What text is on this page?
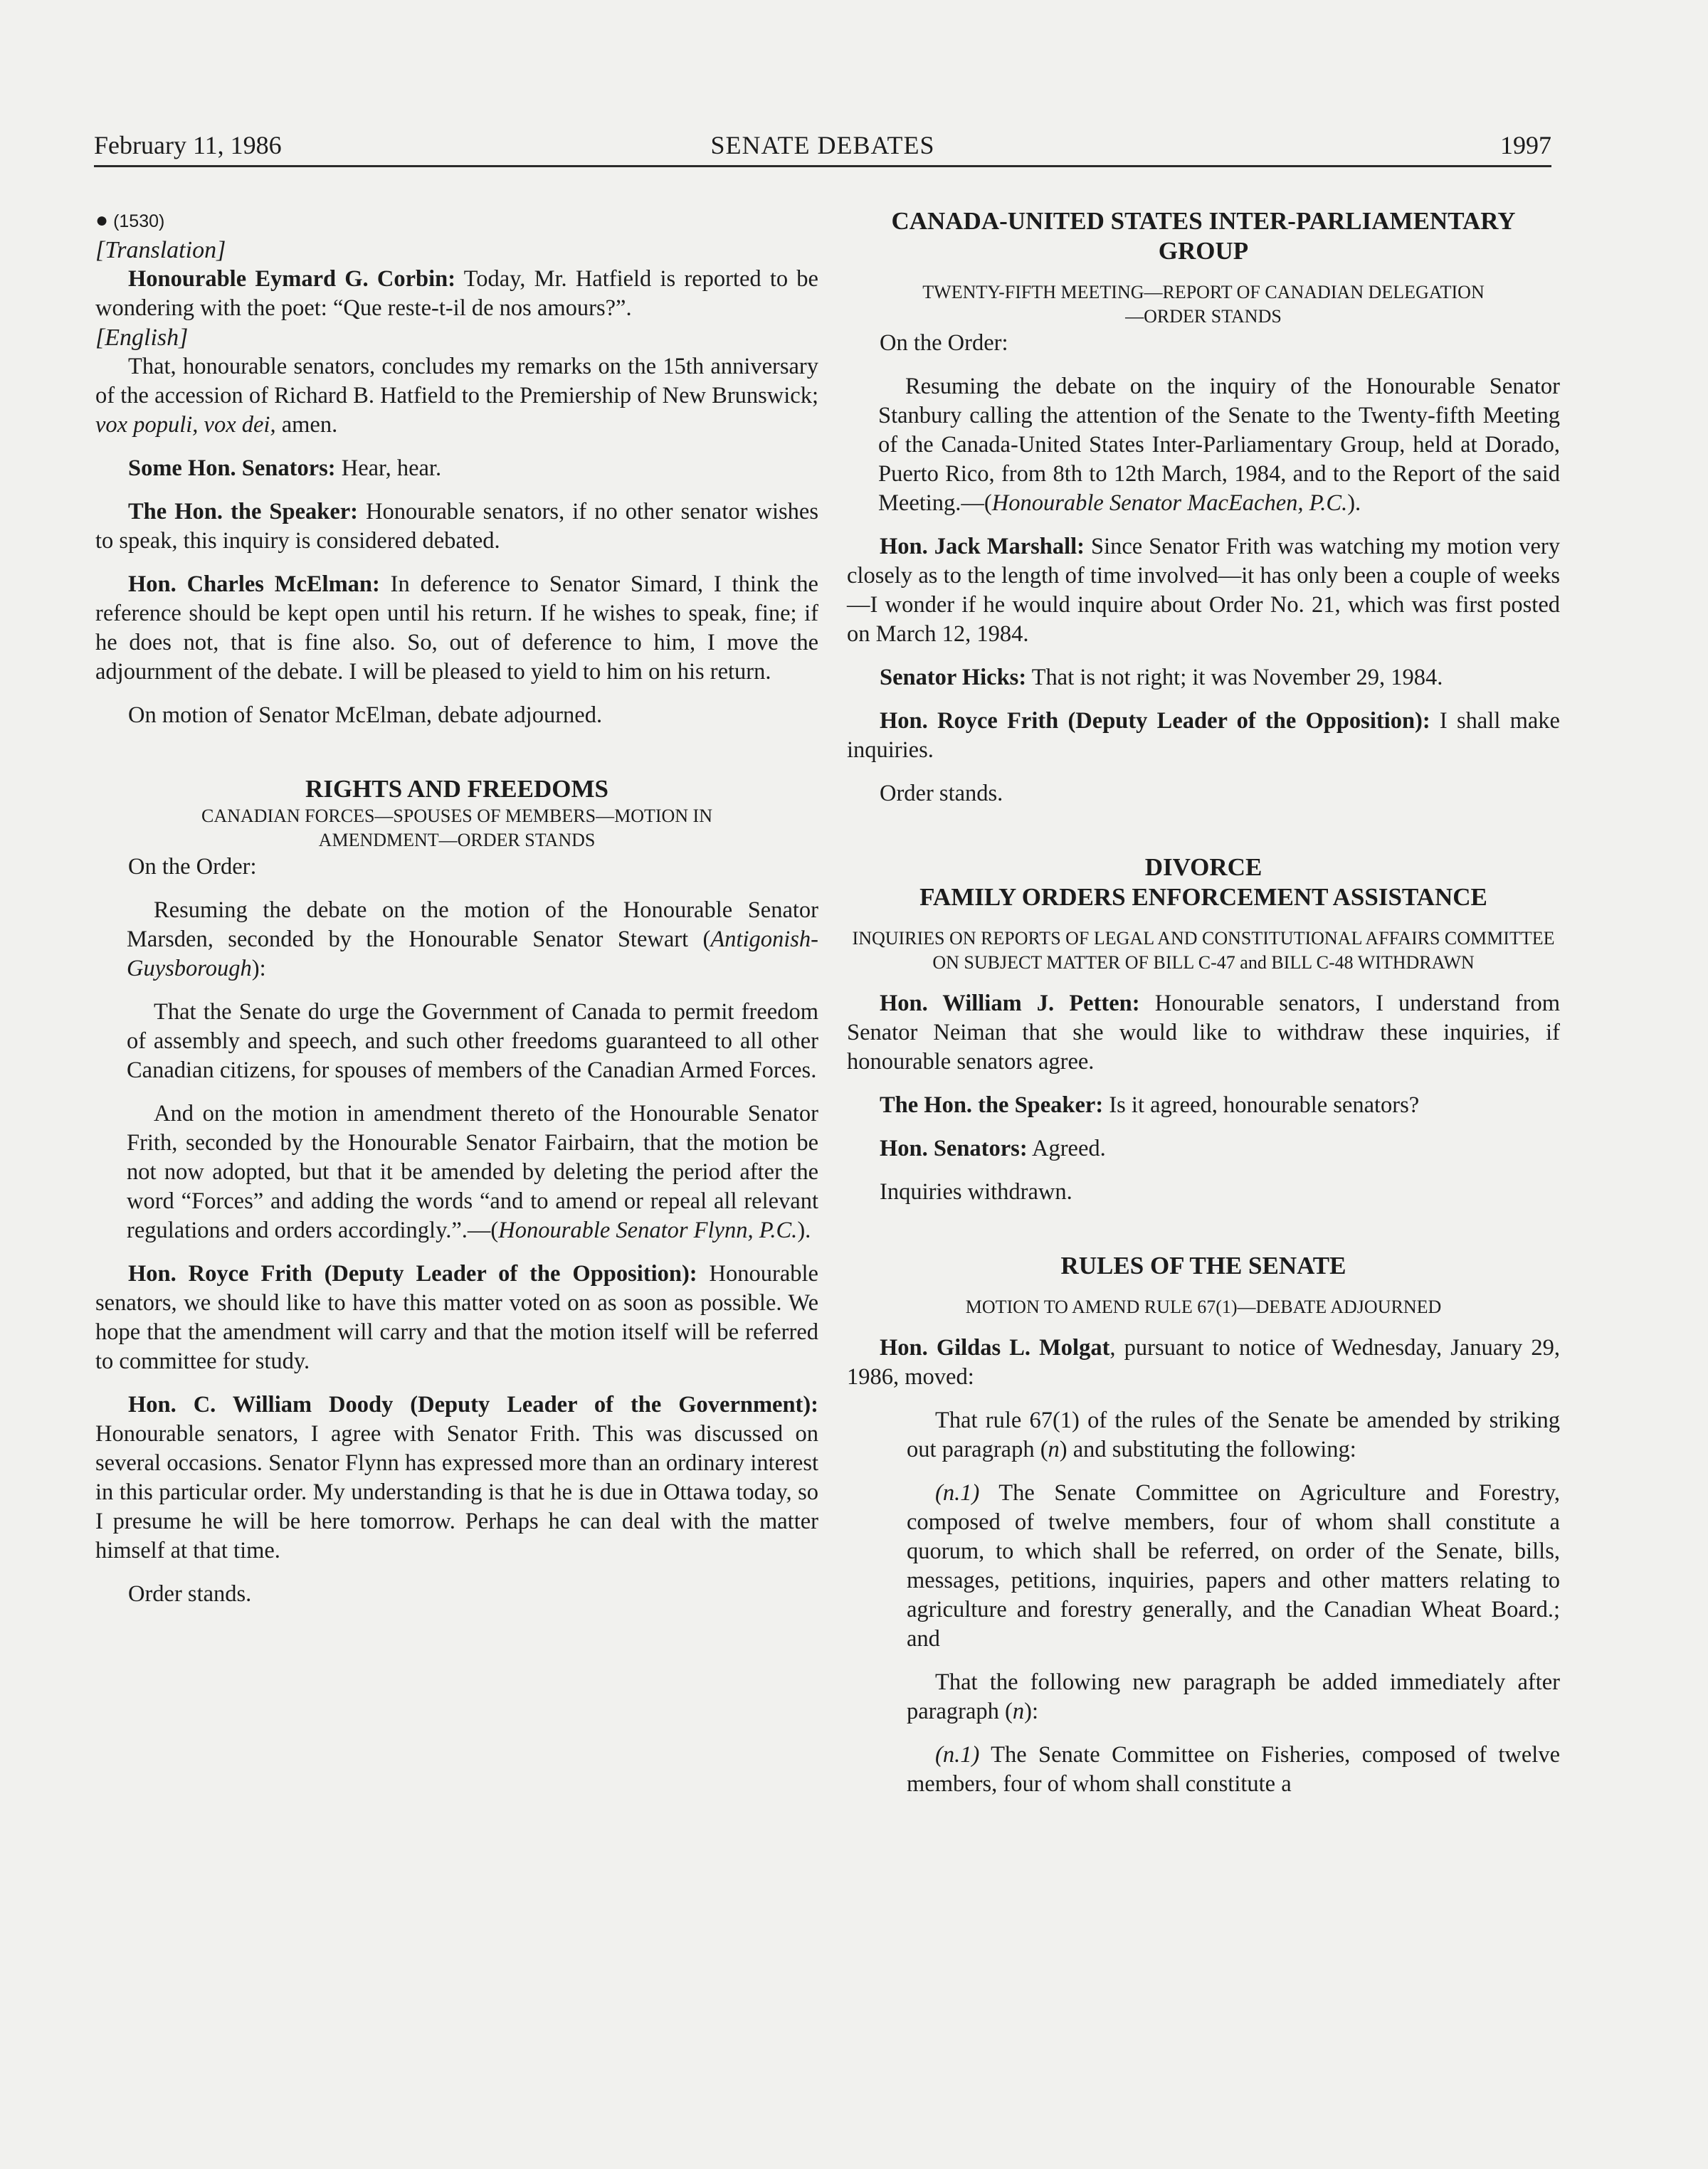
February 11, 1986	SENATE DEBATES	1997

● (1530)

[Translation]

Honourable Eymard G. Corbin: Today, Mr. Hatfield is reported to be wondering with the poet: “Que reste-t-il de nos amours?”.

[English]

That, honourable senators, concludes my remarks on the 15th anniversary of the accession of Richard B. Hatfield to the Premiership of New Brunswick; vox populi, vox dei, amen.

Some Hon. Senators: Hear, hear.

The Hon. the Speaker: Honourable senators, if no other senator wishes to speak, this inquiry is considered debated.

Hon. Charles McElman: In deference to Senator Simard, I think the reference should be kept open until his return. If he wishes to speak, fine; if he does not, that is fine also. So, out of deference to him, I move the adjournment of the debate. I will be pleased to yield to him on his return.

On motion of Senator McElman, debate adjourned.

RIGHTS AND FREEDOMS

CANADIAN FORCES—SPOUSES OF MEMBERS—MOTION IN AMENDMENT—ORDER STANDS

On the Order:

Resuming the debate on the motion of the Honourable Senator Marsden, seconded by the Honourable Senator Stewart (Antigonish- Guysborough):

That the Senate do urge the Government of Canada to permit freedom of assembly and speech, and such other freedoms guaranteed to all other Canadian citizens, for spouses of members of the Canadian Armed Forces.

And on the motion in amendment thereto of the Honourable Senator Frith, seconded by the Honourable Senator Fairbairn, that the motion be not now adopted, but that it be amended by deleting the period after the word “Forces” and adding the words “and to amend or repeal all relevant regulations and orders accordingly.”.—(Honourable Senator Flynn, P.C.).

Hon. Royce Frith (Deputy Leader of the Opposition): Honourable senators, we should like to have this matter voted on as soon as possible. We hope that the amendment will carry and that the motion itself will be referred to committee for study.

Hon. C. William Doody (Deputy Leader of the Government): Honourable senators, I agree with Senator Frith. This was discussed on several occasions. Senator Flynn has expressed more than an ordinary interest in this particular order. My understanding is that he is due in Ottawa today, so I presume he will be here tomorrow. Perhaps he can deal with the matter himself at that time.

Order stands.

CANADA-UNITED STATES INTER-PARLIAMENTARY GROUP

TWENTY-FIFTH MEETING—REPORT OF CANADIAN DELEGATION—ORDER STANDS

On the Order:

Resuming the debate on the inquiry of the Honourable Senator Stanbury calling the attention of the Senate to the Twenty-fifth Meeting of the Canada-United States Inter-Parliamentary Group, held at Dorado, Puerto Rico, from 8th to 12th March, 1984, and to the Report of the said Meeting.—(Honourable Senator MacEachen, P.C.).

Hon. Jack Marshall: Since Senator Frith was watching my motion very closely as to the length of time involved—it has only been a couple of weeks—I wonder if he would inquire about Order No. 21, which was first posted on March 12, 1984.

Senator Hicks: That is not right; it was November 29, 1984.

Hon. Royce Frith (Deputy Leader of the Opposition): I shall make inquiries.

Order stands.

DIVORCE

FAMILY ORDERS ENFORCEMENT ASSISTANCE

INQUIRIES ON REPORTS OF LEGAL AND CONSTITUTIONAL AFFAIRS COMMITTEE ON SUBJECT MATTER OF BILL C-47 and BILL C-48 WITHDRAWN

Hon. William J. Petten: Honourable senators, I understand from Senator Neiman that she would like to withdraw these inquiries, if honourable senators agree.

The Hon. the Speaker: Is it agreed, honourable senators?

Hon. Senators: Agreed.

Inquiries withdrawn.

RULES OF THE SENATE

MOTION TO AMEND RULE 67(1)—DEBATE ADJOURNED

Hon. Gildas L. Molgat, pursuant to notice of Wednesday, January 29, 1986, moved:

That rule 67(1) of the rules of the Senate be amended by striking out paragraph (n) and substituting the following:

(n.1) The Senate Committee on Agriculture and Forestry, composed of twelve members, four of whom shall constitute a quorum, to which shall be referred, on order of the Senate, bills, messages, petitions, inquiries, papers and other matters relating to agriculture and forestry generally, and the Canadian Wheat Board.; and

That the following new paragraph be added immediately after paragraph (n):

(n.1) The Senate Committee on Fisheries, composed of twelve members, four of whom shall constitute a
